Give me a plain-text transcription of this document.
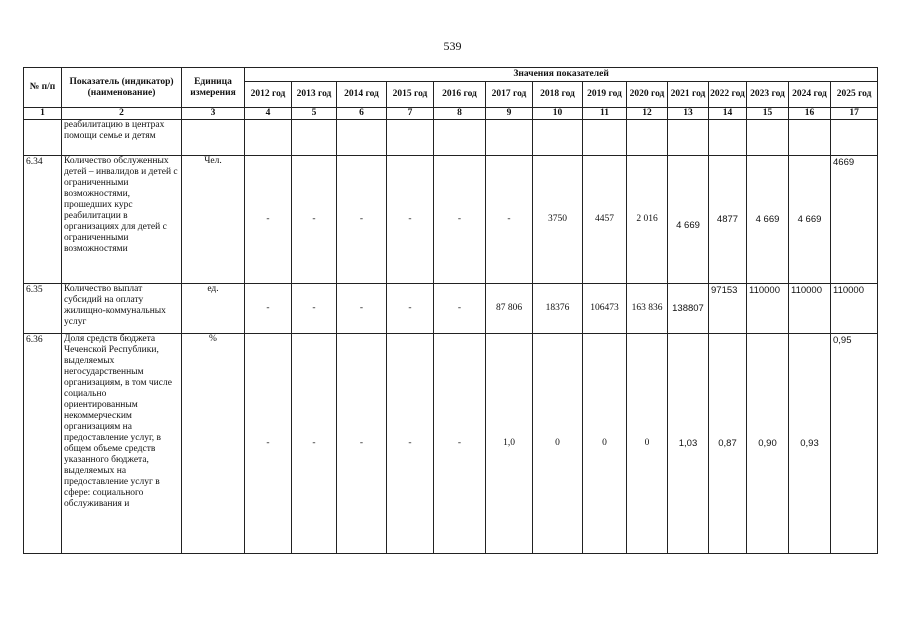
539
№ п/п	Показатель (индикатор) (наименование)	Единица измерения	Значения показателей													
			2012 год	2013 год	2014 год	2015 год	2016 год	2017 год	2018 год	2019 год	2020 год	2021 год	2022 год	2023 год	2024 год	2025 год
1	2	3	4	5	6	7	8	9	10	11	12	13	14	15	16	17
	реабилитацию в центрах помощи семье и детям															
6.34	Количество обслуженных детей – инвалидов и детей с ограниченными возможностями, прошедших курс реабилитации в организациях для детей с ограниченными возможностями	Чел.	-	-	-	-	-	-	3750	4457	2 016	4 669	4877	4 669	4 669	4669
6.35	Количество выплат субсидий на оплату жилищно-коммунальных услуг	ед.	-	-	-	-	-	87 806	18376	106473	163 836	138807	97153	110000	110000	110000
6.36	Доля средств бюджета Чеченской Республики, выделяемых негосударственным организациям, в том числе социально ориентированным некоммерческим организациям на предоставление услуг, в общем объеме средств указанного бюджета, выделяемых на предоставление услуг в сфере: социального обслуживания и	%	-	-	-	-	-	1,0	0	0	0	1,03	0,87	0,90	0,93	0,95
